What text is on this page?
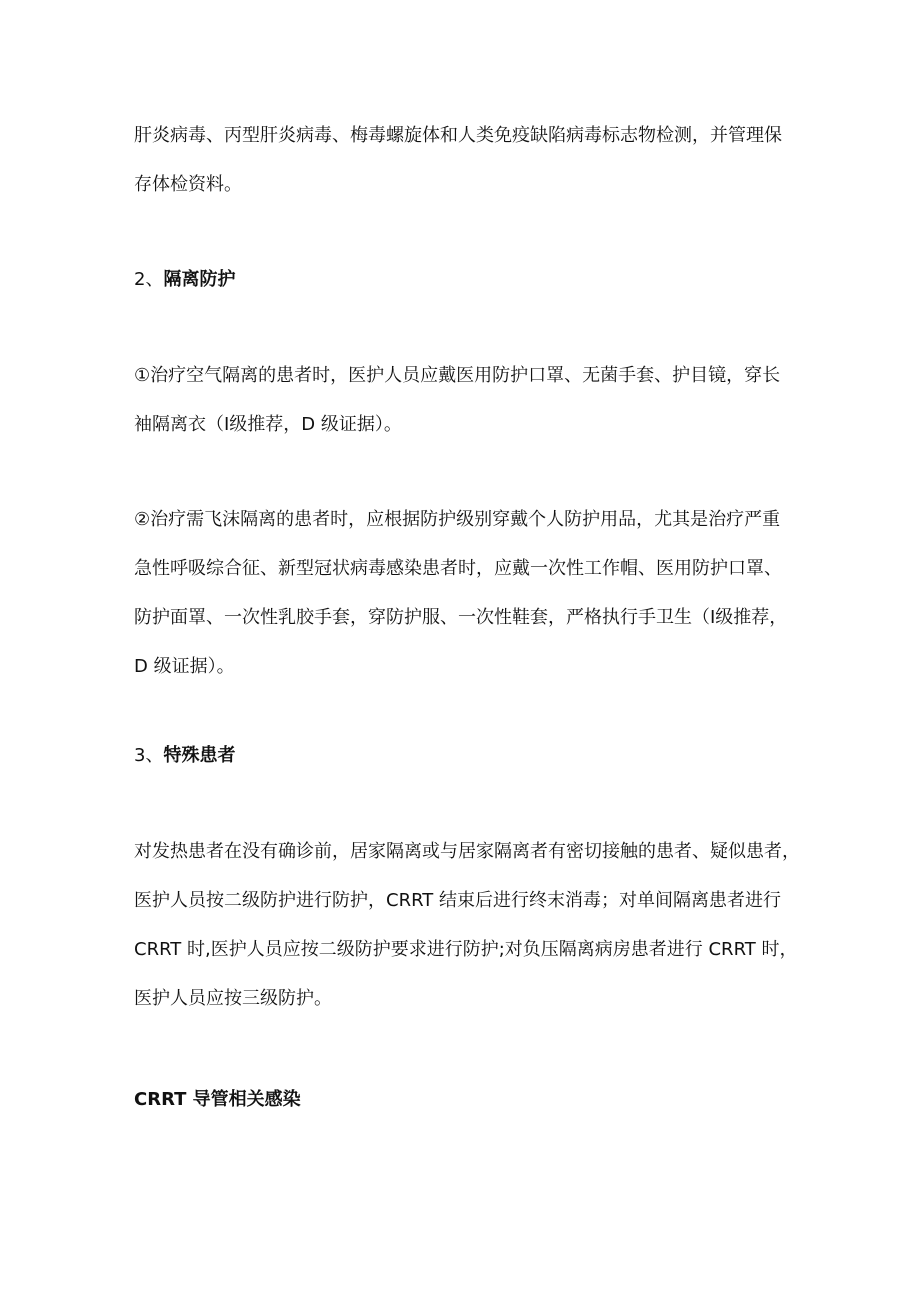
肝炎病毒、丙型肝炎病毒、梅毒螺旋体和人类免疫缺陷病毒标志物检测，并管理保
存体检资料。
2、隔离防护
①治疗空气隔离的患者时，医护人员应戴医用防护口罩、无菌手套、护目镜，穿长
袖隔离衣（Ⅰ级推荐，D 级证据）。
②治疗需飞沫隔离的患者时，应根据防护级别穿戴个人防护用品，尤其是治疗严重
急性呼吸综合征、新型冠状病毒感染患者时，应戴一次性工作帽、医用防护口罩、
防护面罩、一次性乳胶手套，穿防护服、一次性鞋套，严格执行手卫生（Ⅰ级推荐，
D 级证据）。
3、特殊患者
对发热患者在没有确诊前，居家隔离或与居家隔离者有密切接触的患者、疑似患者，
医护人员按二级防护进行防护，CRRT 结束后进行终末消毒；对单间隔离患者进行
CRRT 时,医护人员应按二级防护要求进行防护;对负压隔离病房患者进行 CRRT 时，
医护人员应按三级防护。
CRRT 导管相关感染
